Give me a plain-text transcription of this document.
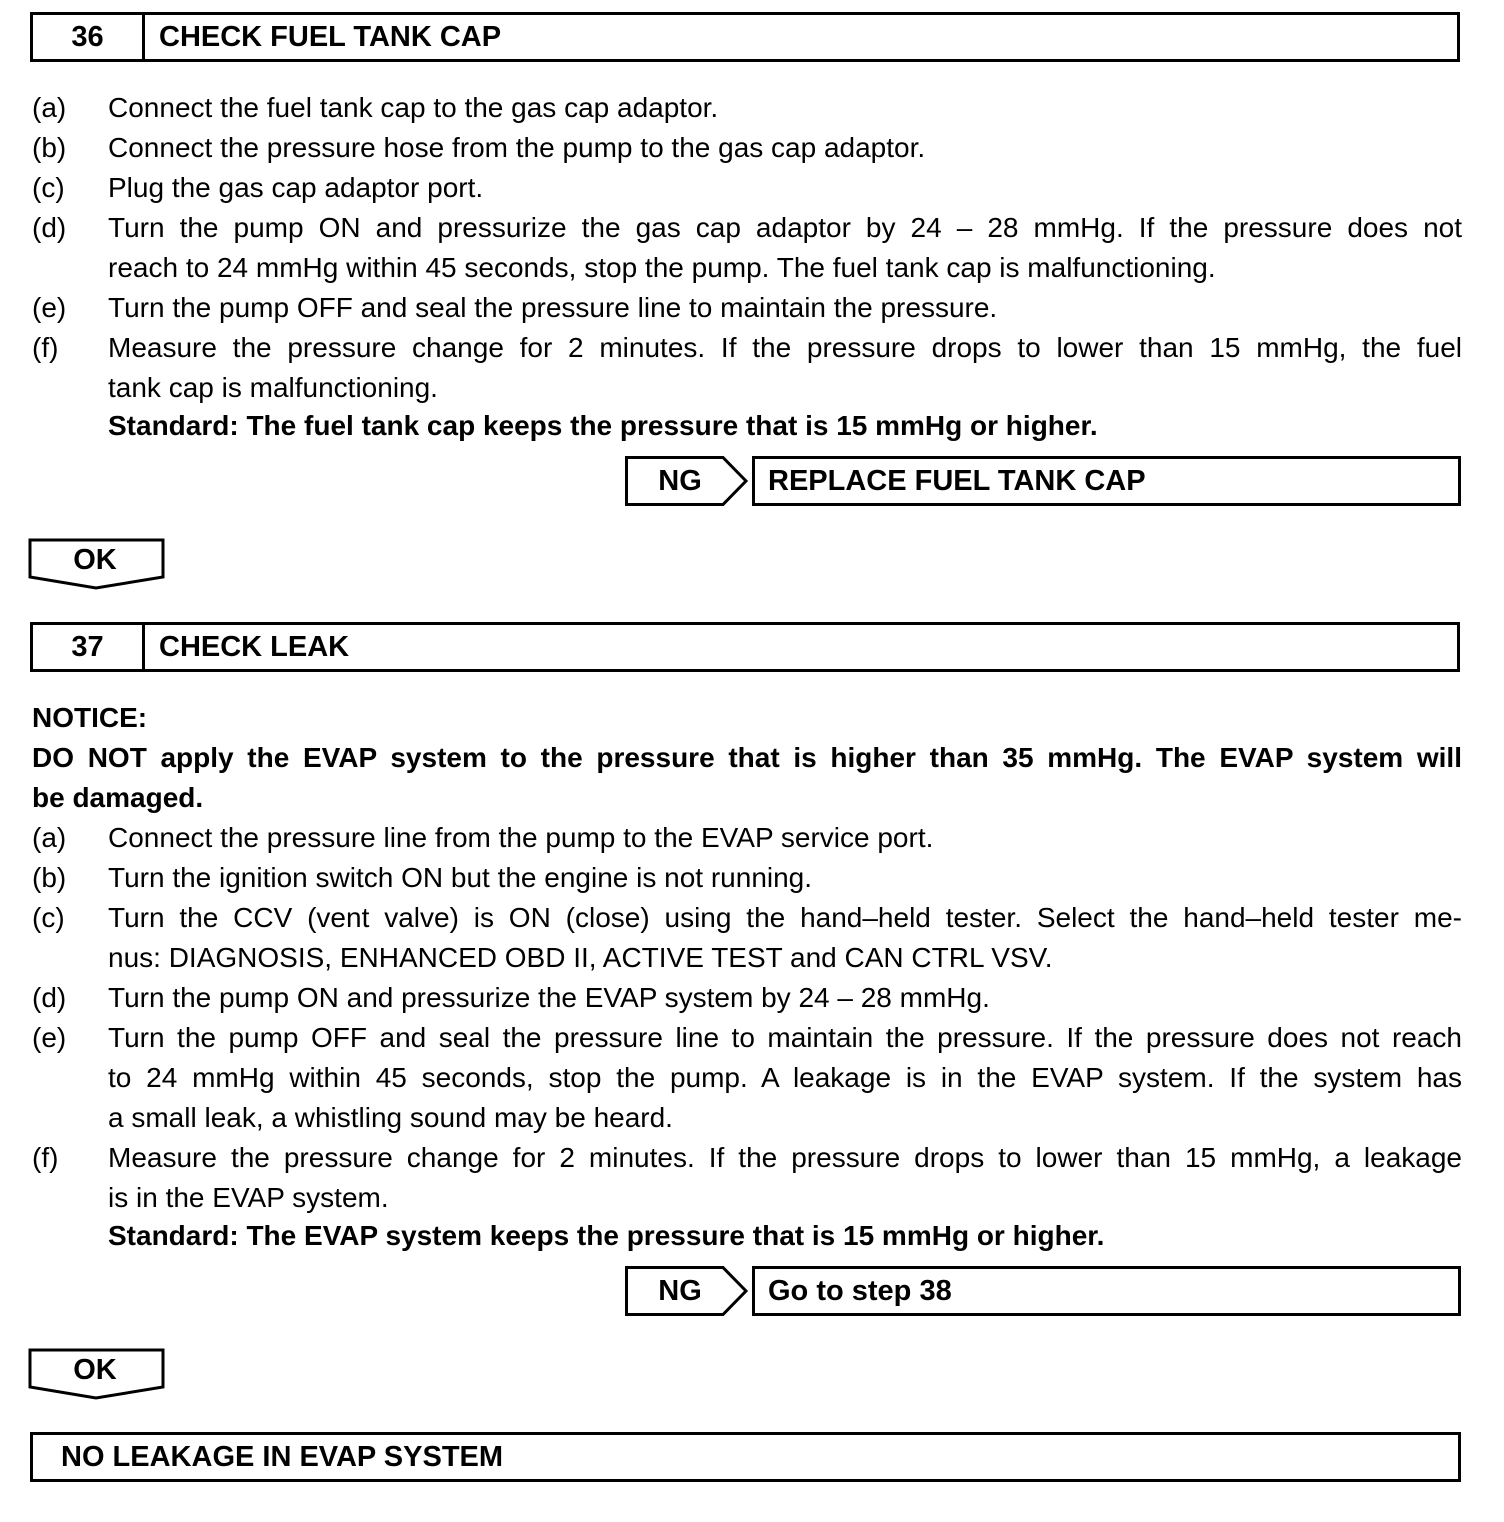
36	CHECK FUEL TANK CAP
(a) Connect the fuel tank cap to the gas cap adaptor.
(b) Connect the pressure hose from the pump to the gas cap adaptor.
(c) Plug the gas cap adaptor port.
(d) Turn the pump ON and pressurize the gas cap adaptor by 24 – 28 mmHg. If the pressure does not
reach to 24 mmHg within 45 seconds, stop the pump. The fuel tank cap is malfunctioning.
(e) Turn the pump OFF and seal the pressure line to maintain the pressure.
(f) Measure the pressure change for 2 minutes. If the pressure drops to lower than 15 mmHg, the fuel
tank cap is malfunctioning.
Standard: The fuel tank cap keeps the pressure that is 15 mmHg or higher.
NG	REPLACE FUEL TANK CAP
OK
37	CHECK LEAK
NOTICE:
DO NOT apply the EVAP system to the pressure that is higher than 35 mmHg. The EVAP system will
be damaged.
(a) Connect the pressure line from the pump to the EVAP service port.
(b) Turn the ignition switch ON but the engine is not running.
(c) Turn the CCV (vent valve) is ON (close) using the hand–held tester. Select the hand–held tester me-
nus: DIAGNOSIS, ENHANCED OBD II, ACTIVE TEST and CAN CTRL VSV.
(d) Turn the pump ON and pressurize the EVAP system by 24 – 28 mmHg.
(e) Turn the pump OFF and seal the pressure line to maintain the pressure. If the pressure does not reach
to 24 mmHg within 45 seconds, stop the pump. A leakage is in the EVAP system. If the system has
a small leak, a whistling sound may be heard.
(f) Measure the pressure change for 2 minutes. If the pressure drops to lower than 15 mmHg, a leakage
is in the EVAP system.
Standard: The EVAP system keeps the pressure that is 15 mmHg or higher.
NG	Go to step 38
OK
NO LEAKAGE IN EVAP SYSTEM
